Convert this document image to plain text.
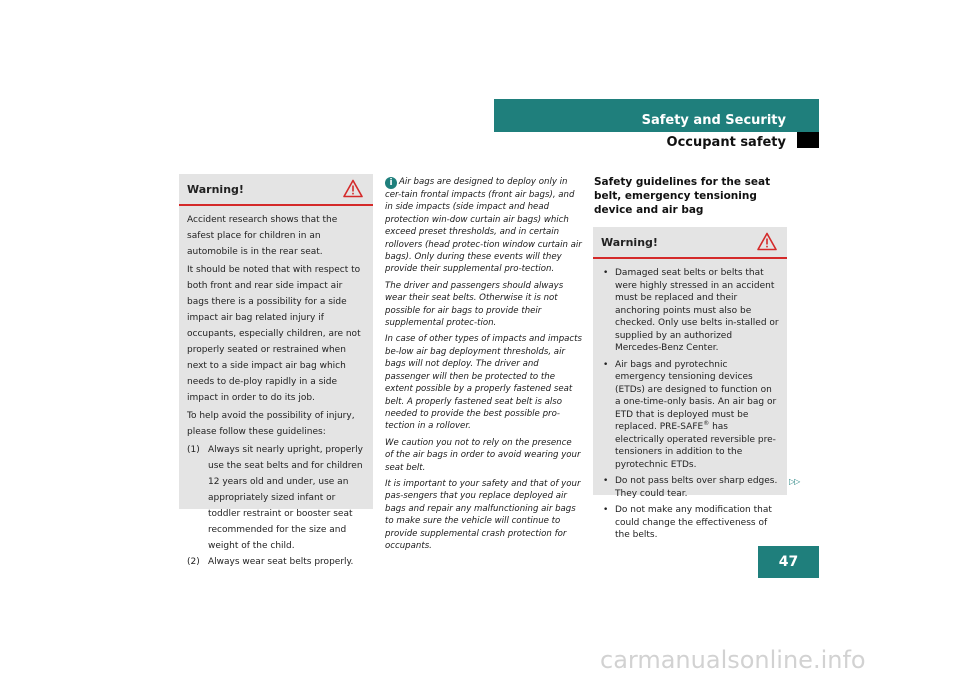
Safety and Security
Occupant safety
Warning!

Accident research shows that the safest place for children in an automobile is in the rear seat.

It should be noted that with respect to both front and rear side impact air bags there is a possibility for a side impact air bag related injury if occupants, especially children, are not properly seated or restrained when next to a side impact air bag which needs to de-ploy rapidly in a side impact in order to do its job.

To help avoid the possibility of injury, please follow these guidelines:

(1) Always sit nearly upright, properly use the seat belts and for children 12 years old and under, use an appropriately sized infant or toddler restraint or booster seat recommended for the size and weight of the child.
(2) Always wear seat belts properly.

i Air bags are designed to deploy only in cer-tain frontal impacts (front air bags), and in side impacts (side impact and head protection win-dow curtain air bags) which exceed preset thresholds, and in certain rollovers (head protec-tion window curtain air bags). Only during these events will they provide their supplemental pro-tection.

The driver and passengers should always wear their seat belts. Otherwise it is not possible for air bags to provide their supplemental protec-tion.

In case of other types of impacts and impacts be-low air bag deployment thresholds, air bags will not deploy. The driver and passenger will then be protected to the extent possible by a properly fastened seat belt. A properly fastened seat belt is also needed to provide the best possible pro-tection in a rollover.

We caution you not to rely on the presence of the air bags in order to avoid wearing your seat belt.

It is important to your safety and that of your pas-sengers that you replace deployed air bags and repair any malfunctioning air bags to make sure the vehicle will continue to provide supplemental crash protection for occupants.

Safety guidelines for the seat belt, emergency tensioning device and air bag
Warning!
• Damaged seat belts or belts that were highly stressed in an accident must be replaced and their anchoring points must also be checked. Only use belts in-stalled or supplied by an authorized Mercedes-Benz Center.
• Air bags and pyrotechnic emergency tensioning devices (ETDs) are designed to function on a one-time-only basis. An air bag or ETD that is deployed must be replaced. PRE-SAFE® has electrically operated reversible pre-tensioners in addition to the pyrotechnic ETDs.
• Do not pass belts over sharp edges. They could tear.
• Do not make any modification that could change the effectiveness of the belts.
▷▷
47
carmanualsonline.info
